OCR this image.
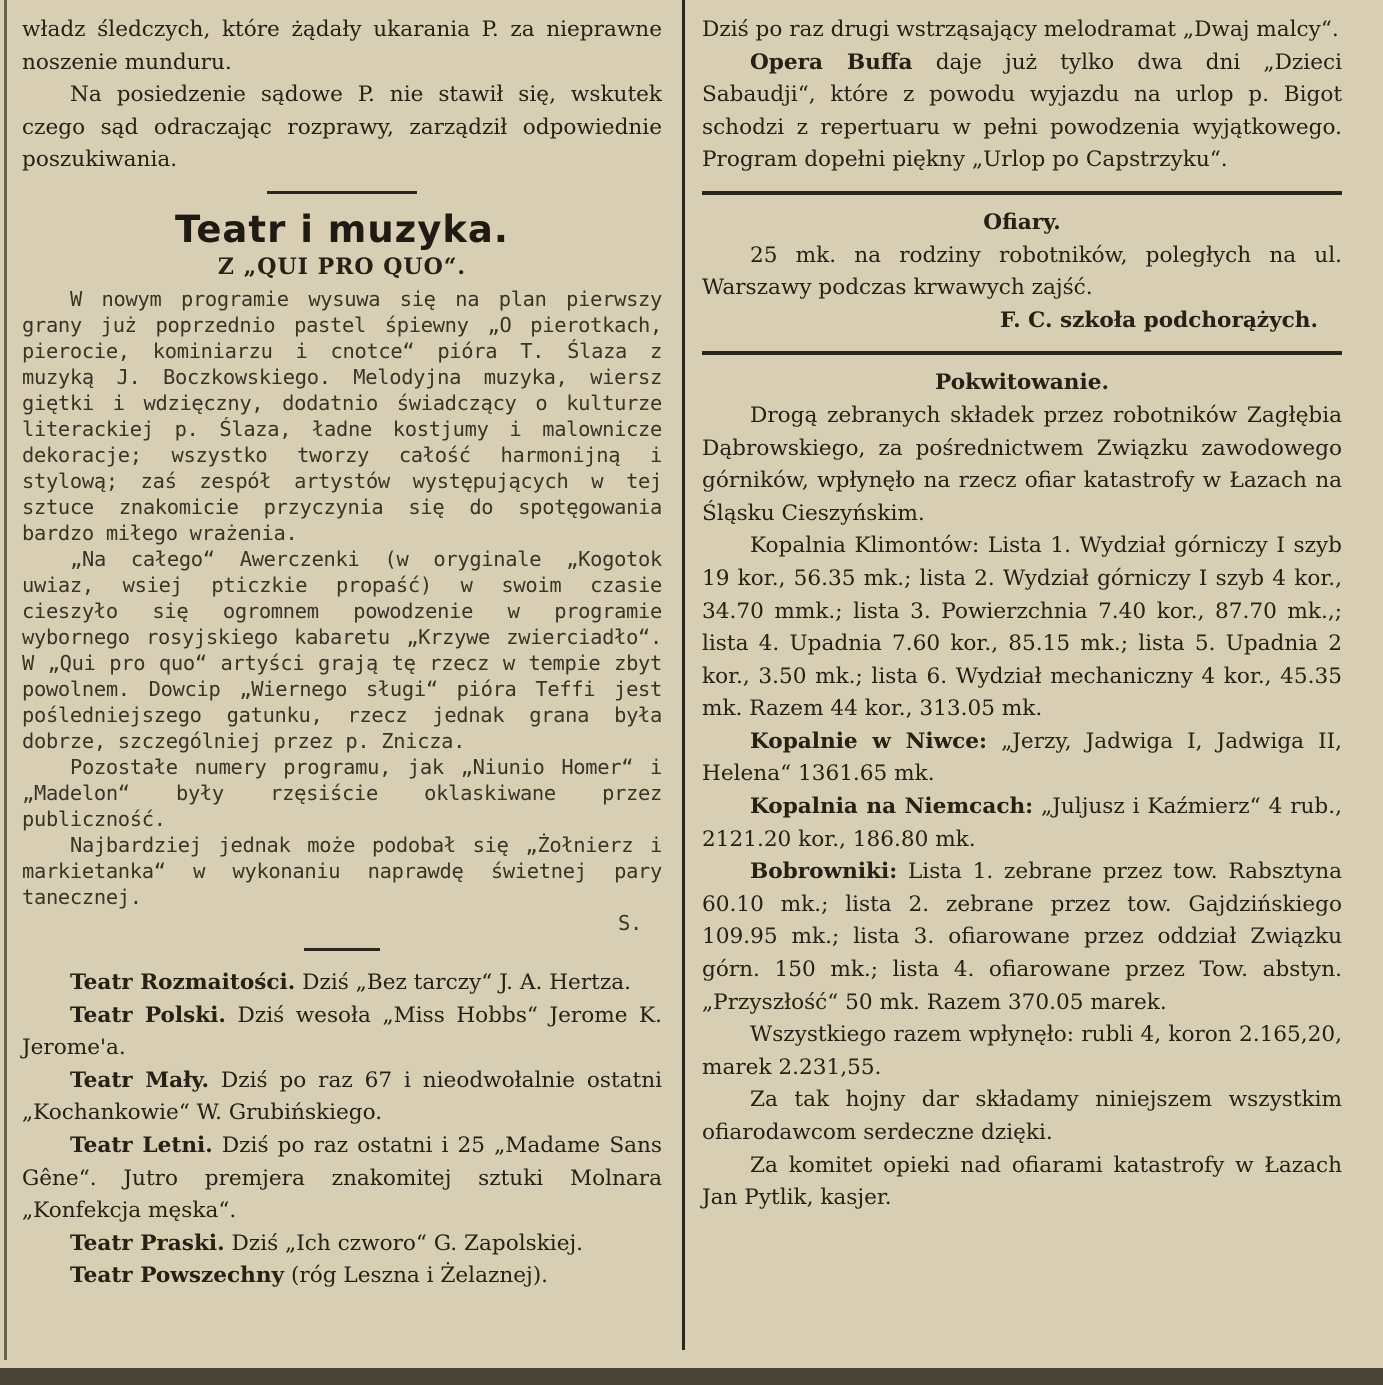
władz śledczych, które żądały ukarania P. za nieprawne noszenie munduru.

Na posiedzenie sądowe P. nie stawił się, wskutek czego sąd odraczając rozprawy, zarządził odpowiednie poszukiwania.

Teatr i muzyka.
Z „QUI PRO QUO“.

W nowym programie wysuwa się na plan pierwszy grany już poprzednio pastel śpiewny „O pierotkach, pierocie, kominiarzu i cnotce“ pióra T. Ślaza z muzyką J. Boczkowskiego. Melodyjna muzyka, wiersz giętki i wdzięczny, dodatnio świadczący o kulturze literackiej p. Ślaza, ładne kostjumy i malownicze dekoracje; wszystko tworzy całość harmonijną i stylową; zaś zespół artystów występujących w tej sztuce znakomicie przyczynia się do spotęgowania bardzo miłego wrażenia.

„Na całego“ Awerczenki (w oryginale „Kogotok uwiaz, wsiej pticzkie propaść) w swoim czasie cieszyło się ogromnem powodzenie w programie wybornego rosyjskiego kabaretu „Krzywe zwierciadło“. W „Qui pro quo“ artyści grają tę rzecz w tempie zbyt powolnem. Dowcip „Wiernego sługi“ pióra Teffi jest pośledniejszego gatunku, rzecz jednak grana była dobrze, szczególniej przez p. Znicza.

Pozostałe numery programu, jak „Niunio Homer“ i „Madelon“ były rzęsiście oklaskiwane przez publiczność.

Najbardziej jednak może podobał się „Żołnierz i markietanka“ w wykonaniu naprawdę świetnej pary tanecznej.

S.

Teatr Rozmaitości. Dziś „Bez tarczy“ J. A. Hertza.

Teatr Polski. Dziś wesoła „Miss Hobbs“ Jerome K. Jerome'a.

Teatr Mały. Dziś po raz 67 i nieodwołalnie ostatni „Kochankowie“ W. Grubińskiego.

Teatr Letni. Dziś po raz ostatni i 25 „Madame Sans Gêne“. Jutro premjera znakomitej sztuki Molnara „Konfekcja męska“.

Teatr Praski. Dziś „Ich czworo“ G. Zapolskiej.

Teatr Powszechny (róg Leszna i Żelaznej).

Dziś po raz drugi wstrząsający melodramat „Dwaj malcy“.

Opera Buffa daje już tylko dwa dni „Dzieci Sabaudji“, które z powodu wyjazdu na urlop p. Bigot schodzi z repertuaru w pełni powodzenia wyjątkowego. Program dopełni piękny „Urlop po Capstrzyku“.

Ofiary.

25 mk. na rodziny robotników, poległych na ul. Warszawy podczas krwawych zajść.

F. C. szkoła podchorążych.
Pokwitowanie.

Drogą zebranych składek przez robotników Zagłębia Dąbrowskiego, za pośrednictwem Związku zawodowego górników, wpłynęło na rzecz ofiar katastrofy w Łazach na Śląsku Cieszyńskim.

Kopalnia Klimontów: Lista 1. Wydział górniczy I szyb 19 kor., 56.35 mk.; lista 2. Wydział górniczy I szyb 4 kor., 34.70 mmk.; lista 3. Powierzchnia 7.40 kor., 87.70 mk.,; lista 4. Upadnia 7.60 kor., 85.15 mk.; lista 5. Upadnia 2 kor., 3.50 mk.; lista 6. Wydział mechaniczny 4 kor., 45.35 mk. Razem 44 kor., 313.05 mk.

Kopalnie w Niwce: „Jerzy, Jadwiga I, Jadwiga II, Helena“ 1361.65 mk.

Kopalnia na Niemcach: „Juljusz i Kaźmierz“ 4 rub., 2121.20 kor., 186.80 mk.

Bobrowniki: Lista 1. zebrane przez tow. Rabsztyna 60.10 mk.; lista 2. zebrane przez tow. Gajdzińskiego 109.95 mk.; lista 3. ofiarowane przez oddział Związku górn. 150 mk.; lista 4. ofiarowane przez Tow. abstyn. „Przyszłość“ 50 mk. Razem 370.05 marek.

Wszystkiego razem wpłynęło: rubli 4, koron 2.165,20, marek 2.231,55.

Za tak hojny dar składamy niniejszem wszystkim ofiarodawcom serdeczne dzięki.

Za komitet opieki nad ofiarami katastrofy w Łazach Jan Pytlik, kasjer.
